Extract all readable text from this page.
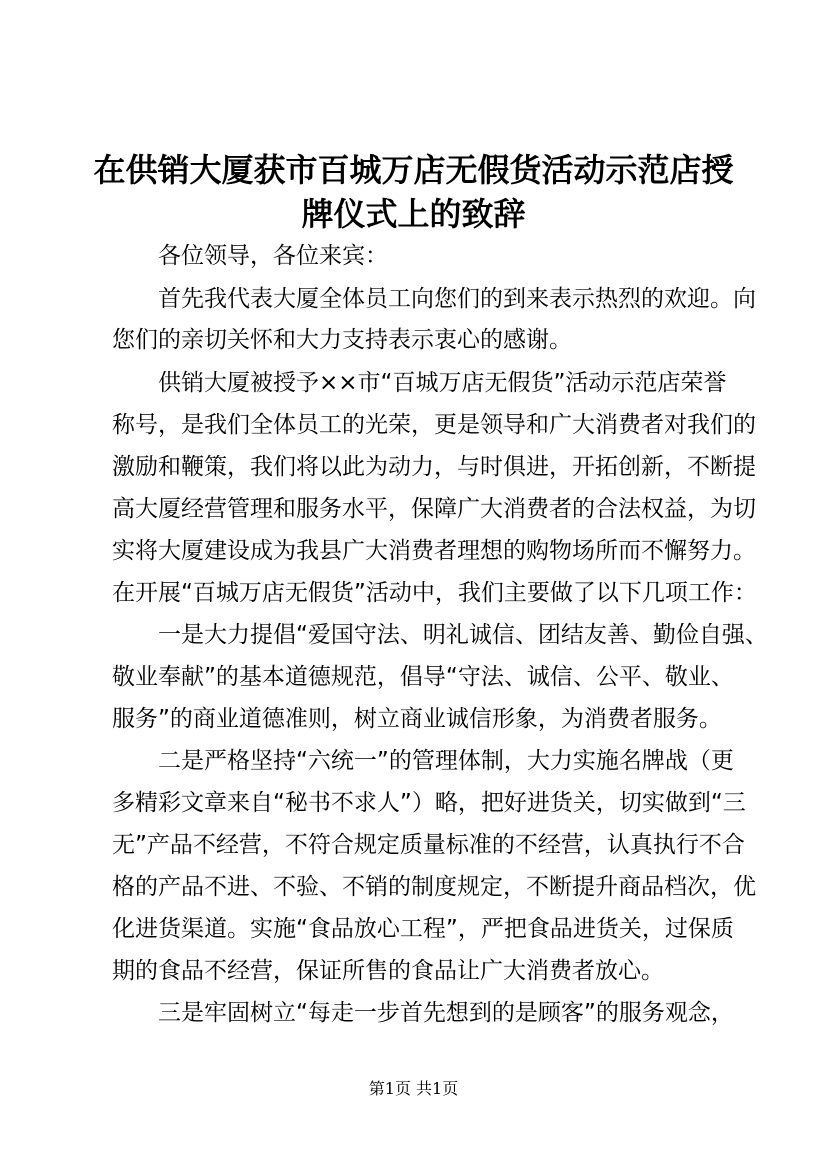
在供销大厦获市百城万店无假货活动示范店授
牌仪式上的致辞
各位领导，各位来宾：
首先我代表大厦全体员工向您们的到来表示热烈的欢迎。向
您们的亲切关怀和大力支持表示衷心的感谢。
供销大厦被授予××市“百城万店无假货”活动示范店荣誉
称号，是我们全体员工的光荣，更是领导和广大消费者对我们的
激励和鞭策，我们将以此为动力，与时俱进，开拓创新，不断提
高大厦经营管理和服务水平，保障广大消费者的合法权益，为切
实将大厦建设成为我县广大消费者理想的购物场所而不懈努力。
在开展“百城万店无假货”活动中，我们主要做了以下几项工作：
一是大力提倡“爱国守法、明礼诚信、团结友善、勤俭自强、
敬业奉献”的基本道德规范，倡导“守法、诚信、公平、敬业、
服务”的商业道德准则，树立商业诚信形象，为消费者服务。
二是严格坚持“六统一”的管理体制，大力实施名牌战（更
多精彩文章来自“秘书不求人”）略，把好进货关，切实做到“三
无”产品不经营，不符合规定质量标准的不经营，认真执行不合
格的产品不进、不验、不销的制度规定，不断提升商品档次，优
化进货渠道。实施“食品放心工程”，严把食品进货关，过保质
期的食品不经营，保证所售的食品让广大消费者放心。
三是牢固树立“每走一步首先想到的是顾客”的服务观念，
第1页 共1页
